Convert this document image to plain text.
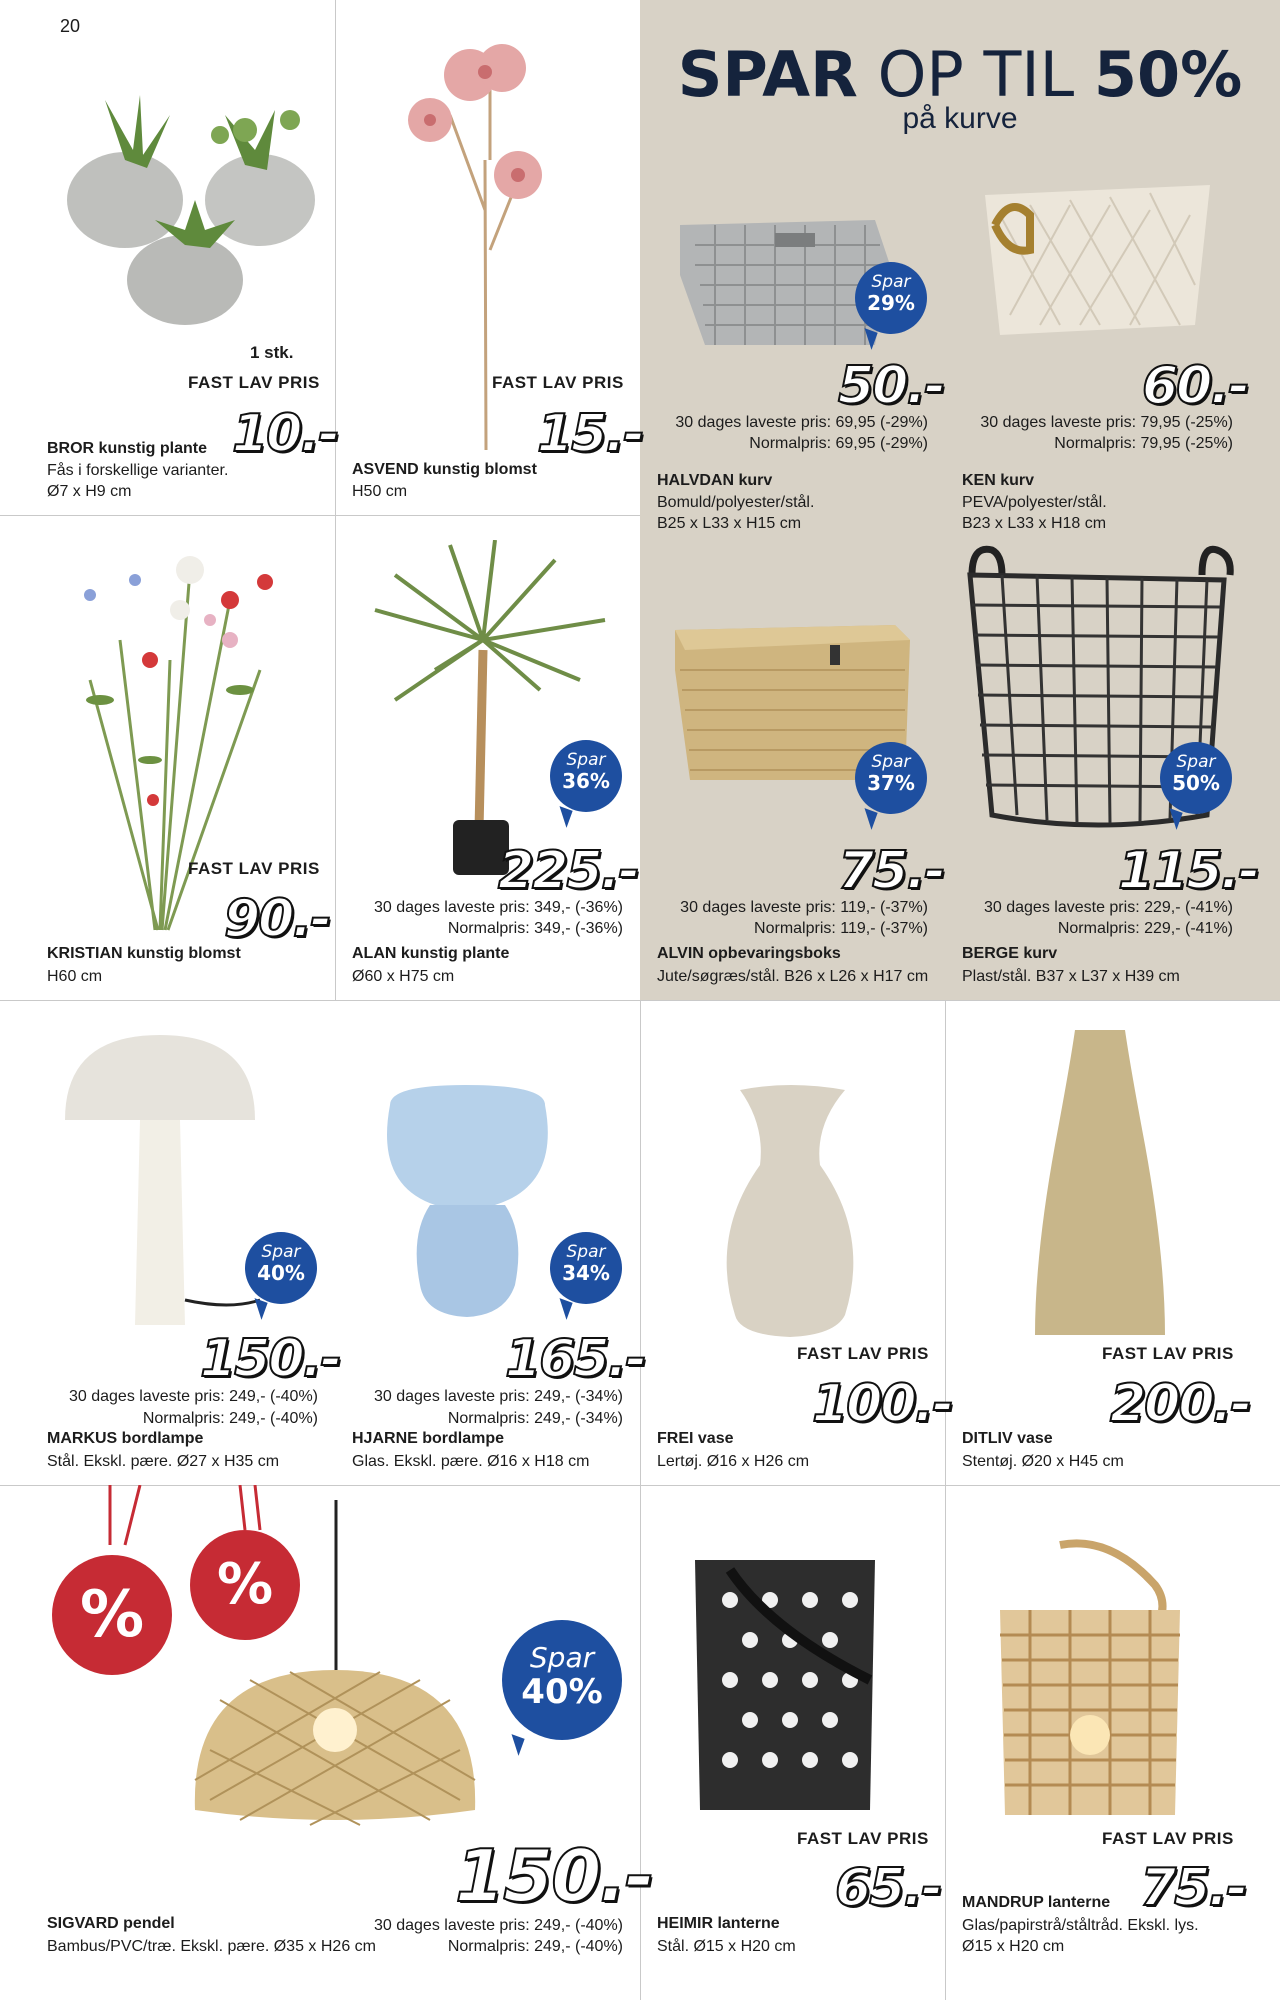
20
SPAR OP TIL 50%
på kurve
1 stk.
FAST LAV PRIS
10.-
BROR kunstig plante
Fås i forskellige varianter.
Ø7 x H9 cm
FAST LAV PRIS
15.-
ASVEND kunstig blomst
H50 cm
Spar
29%
50.-
30 dages laveste pris: 69,95 (-29%)
Normalpris: 69,95 (-29%)
HALVDAN kurv
Bomuld/polyester/stål.
B25 x L33 x H15 cm
60.-
30 dages laveste pris: 79,95 (-25%)
Normalpris: 79,95 (-25%)
KEN kurv
PEVA/polyester/stål.
B23 x L33 x H18 cm
FAST LAV PRIS
90.-
KRISTIAN kunstig blomst
H60 cm
Spar
36%
225.-
30 dages laveste pris: 349,- (-36%)
Normalpris: 349,- (-36%)
ALAN kunstig plante
Ø60 x H75 cm
Spar
37%
75.-
30 dages laveste pris: 119,- (-37%)
Normalpris: 119,- (-37%)
ALVIN opbevaringsboks
Jute/søgræs/stål. B26 x L26 x H17 cm
Spar
50%
115.-
30 dages laveste pris: 229,- (-41%)
Normalpris: 229,- (-41%)
BERGE kurv
Plast/stål. B37 x L37 x H39 cm
Spar
40%
150.-
30 dages laveste pris: 249,- (-40%)
Normalpris: 249,- (-40%)
MARKUS bordlampe
Stål. Ekskl. pære. Ø27 x H35 cm
Spar
34%
165.-
30 dages laveste pris: 249,- (-34%)
Normalpris: 249,- (-34%)
HJARNE bordlampe
Glas. Ekskl. pære. Ø16 x H18 cm
FAST LAV PRIS
100.-
FREI vase
Lertøj. Ø16 x H26 cm
FAST LAV PRIS
200.-
DITLIV vase
Stentøj. Ø20 x H45 cm
%	%
Spar
40%
150.-
SIGVARD pendel
Bambus/PVC/træ. Ekskl. pære. Ø35 x H26 cm
30 dages laveste pris: 249,- (-40%)
Normalpris: 249,- (-40%)
FAST LAV PRIS
65.-
HEIMIR lanterne
Stål. Ø15 x H20 cm
FAST LAV PRIS
75.-
MANDRUP lanterne
Glas/papirstrå/ståltråd. Ekskl. lys.
Ø15 x H20 cm
